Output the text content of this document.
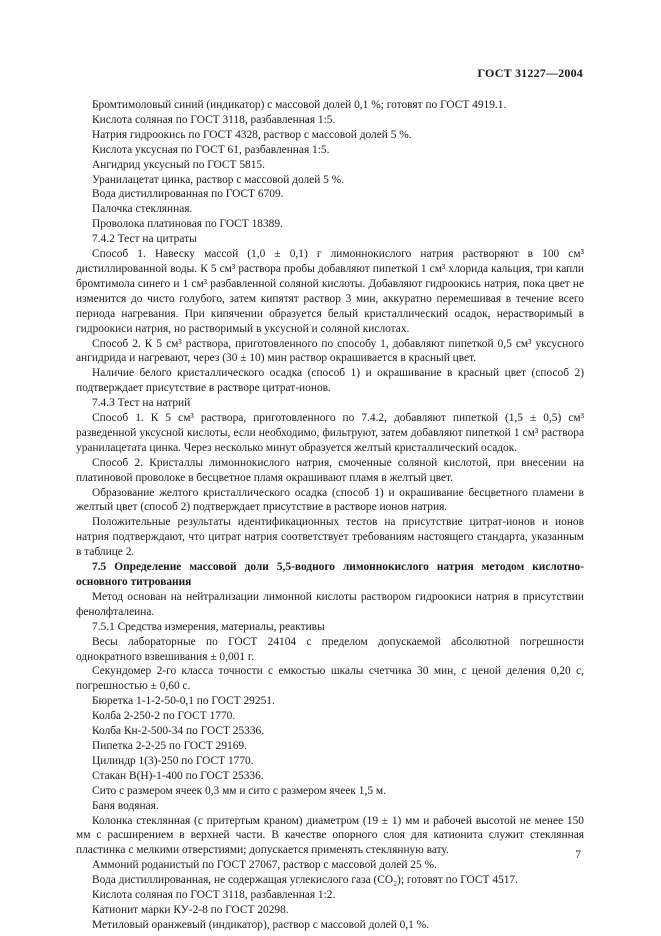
ГОСТ 31227—2004

Бромтимоловый синий (индикатор) с массовой долей 0,1 %; готовят по ГОСТ 4919.1.

Кислота соляная по ГОСТ 3118, разбавленная 1:5.

Натрия гидроокись по ГОСТ 4328, раствор с массовой долей 5 %.

Кислота уксусная по ГОСТ 61, разбавленная 1:5.

Ангидрид уксусный по ГОСТ 5815.

Уранилацетат цинка, раствор с массовой долей 5 %.

Вода дистиллированная по ГОСТ 6709.

Палочка стеклянная.

Проволока платиновая по ГОСТ 18389.

7.4.2 Тест на цитраты

Способ 1. Навеску массой (1,0 ± 0,1) г лимоннокислого натрия растворяют в 100 см³ дистиллированной воды. К 5 см³ раствора пробы добавляют пипеткой 1 см³ хлорида кальция, три капли бромтимола синего и 1 см³ разбавленной соляной кислоты. Добавляют гидроокись натрия, пока цвет не изменится до чисто голубого, затем кипятят раствор 3 мин, аккуратно перемешивая в течение всего периода нагревания. При кипячении образуется белый кристаллический осадок, нерастворимый в гидроокиси натрия, но растворимый в уксусной и соляной кислотах.

Способ 2. К 5 см³ раствора, приготовленного по способу 1, добавляют пипеткой 0,5 см³ уксусного ангидрида и нагревают, через (30 ± 10) мин раствор окрашивается в красный цвет.

Наличие белого кристаллического осадка (способ 1) и окрашивание в красный цвет (способ 2) подтверждает присутствие в растворе цитрат-ионов.

7.4.3 Тест на натрий

Способ 1. К 5 см³ раствора, приготовленного по 7.4.2, добавляют пипеткой (1,5 ± 0,5) см³ разведенной уксусной кислоты, если необходимо, фильтруют, затем добавляют пипеткой 1 см³ раствора уранилацетата цинка. Через несколько минут образуется желтый кристаллический осадок.

Способ 2. Кристаллы лимоннокислого натрия, смоченные соляной кислотой, при внесении на платиновой проволоке в бесцветное пламя окрашивают пламя в желтый цвет.

Образование желтого кристаллического осадка (способ 1) и окрашивание бесцветного пламени в желтый цвет (способ 2) подтверждает присутствие в растворе ионов натрия.

Положительные результаты идентификационных тестов на присутствие цитрат-ионов и ионов натрия подтверждают, что цитрат натрия соответствует требованиям настоящего стандарта, указанным в таблице 2.

7.5 Определение массовой доли 5,5-водного лимоннокислого натрия методом кислотно-основного титрования

Метод основан на нейтрализации лимонной кислоты раствором гидроокиси натрия в присутствии фенолфталеина.

7.5.1 Средства измерения, материалы, реактивы

Весы лабораторные по ГОСТ 24104 с пределом допускаемой абсолютной погрешности однократного взвешивания ± 0,001 г.

Секундомер 2-го класса точности с емкостью шкалы счетчика 30 мин, с ценой деления 0,20 с, погрешностью ± 0,60 с.

Бюретка 1-1-2-50-0,1 по ГОСТ 29251.

Колба 2-250-2 по ГОСТ 1770.

Колба Кн-2-500-34 по ГОСТ 25336.

Пипетка 2-2-25 по ГОСТ 29169.

Цилиндр 1(3)-250 по ГОСТ 1770.

Стакан В(Н)-1-400 по ГОСТ 25336.

Сито с размером ячеек 0,3 мм и сито с размером ячеек 1,5 м.

Баня водяная.

Колонка стеклянная (с притертым краном) диаметром (19 ± 1) мм и рабочей высотой не менее 150 мм с расширением в верхней части. В качестве опорного слоя для катионита служит стеклянная пластинка с мелкими отверстиями; допускается применять стеклянную вату.

Аммоний роданистый по ГОСТ 27067, раствор с массовой долей 25 %.

Вода дистиллированная, не содержащая углекислого газа (CO₂); готовят по ГОСТ 4517.

Кислота соляная по ГОСТ 3118, разбавленная 1:2.

Катионит марки КУ-2-8 по ГОСТ 20298.

Метиловый оранжевый (индикатор), раствор с массовой долей 0,1 %.

7
